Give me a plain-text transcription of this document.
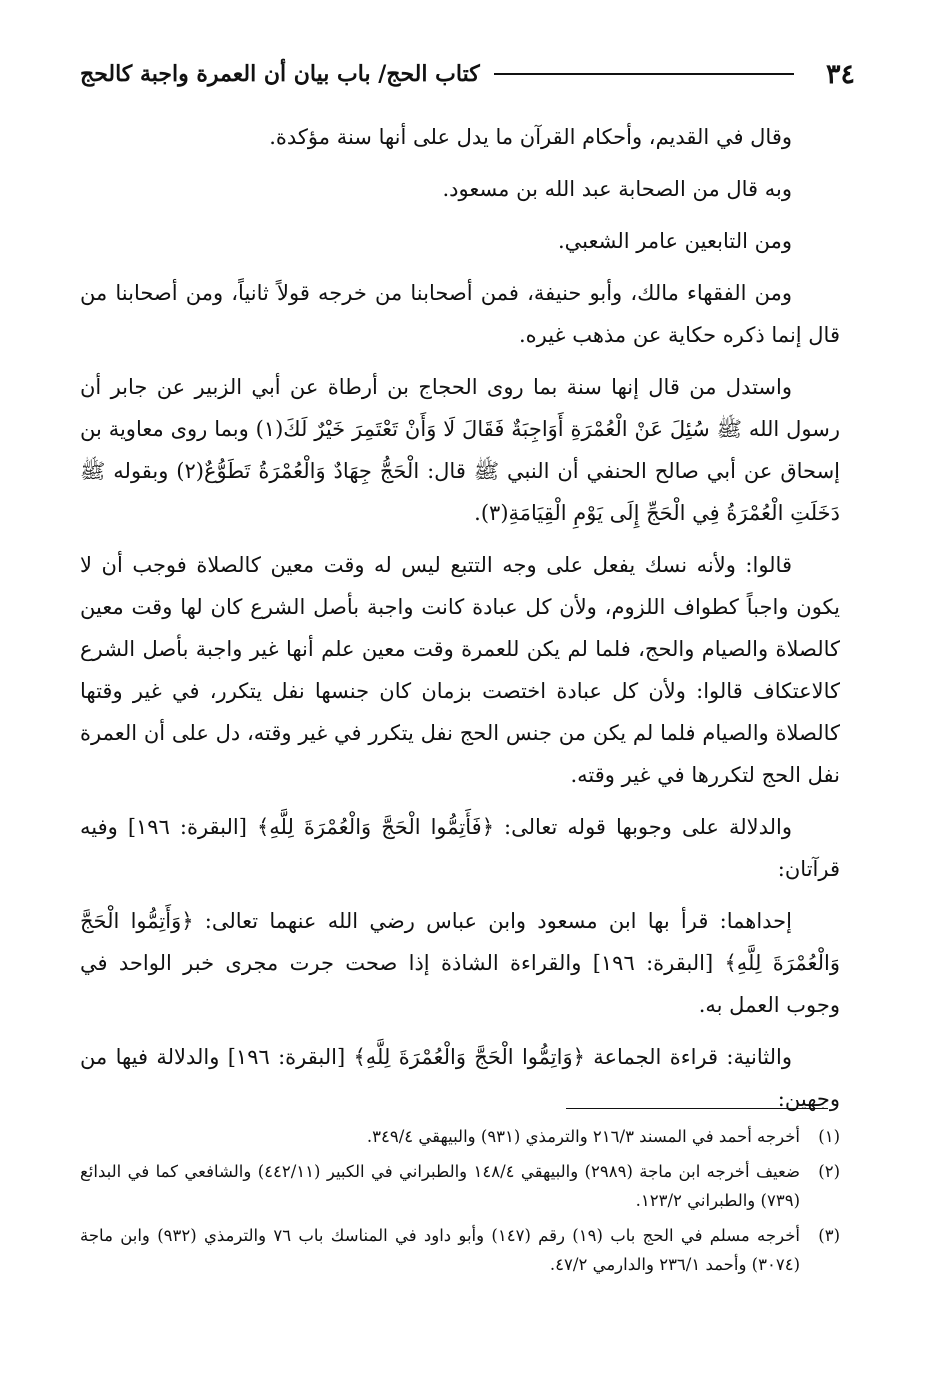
٣٤
كتاب الحج/ باب بيان أن العمرة واجبة كالحج

وقال في القديم، وأحكام القرآن ما يدل على أنها سنة مؤكدة.

وبه قال من الصحابة عبد الله بن مسعود.

ومن التابعين عامر الشعبي.

ومن الفقهاء مالك، وأبو حنيفة، فمن أصحابنا من خرجه قولاً ثانياً، ومن أصحابنا من قال إنما ذكره حكاية عن مذهب غيره.

واستدل من قال إنها سنة بما روى الحجاج بن أرطاة عن أبي الزبير عن جابر أن رسول الله ﷺ سُئِلَ عَنْ الْعُمْرَةِ أَوَاجِبَةٌ فَقَالَ لَا وَأَنْ تَعْتَمِرَ خَيْرٌ لَكَ(١) وبما روى معاوية بن إسحاق عن أبي صالح الحنفي أن النبي ﷺ قال: الْحَجُّ جِهَادٌ وَالْعُمْرَةُ تَطَوُّعٌ(٢) وبقوله ﷺ دَخَلَتِ الْعُمْرَةُ فِي الْحَجِّ إِلَى يَوْمِ الْقِيَامَةِ(٣).

قالوا: ولأنه نسك يفعل على وجه التتبع ليس له وقت معين كالصلاة فوجب أن لا يكون واجباً كطواف اللزوم، ولأن كل عبادة كانت واجبة بأصل الشرع كان لها وقت معين كالصلاة والصيام والحج، فلما لم يكن للعمرة وقت معين علم أنها غير واجبة بأصل الشرع كالاعتكاف قالوا: ولأن كل عبادة اختصت بزمان كان جنسها نفل يتكرر، في غير وقتها كالصلاة والصيام فلما لم يكن من جنس الحج نفل يتكرر في غير وقته، دل على أن العمرة نفل الحج لتكررها في غير وقته.

والدلالة على وجوبها قوله تعالى: ﴿فَأَتِمُّوا الْحَجَّ وَالْعُمْرَةَ لِلَّهِ﴾ [البقرة: ١٩٦] وفيه قرآتان:

إحداهما: قرأ بها ابن مسعود وابن عباس رضي الله عنهما تعالى: ﴿وَأَتِمُّوا الْحَجَّ وَالْعُمْرَةَ لِلَّهِ﴾ [البقرة: ١٩٦] والقراءة الشاذة إذا صحت جرت مجرى خبر الواحد في وجوب العمل به.

والثانية: قراءة الجماعة ﴿وَاتِمُّوا الْحَجَّ وَالْعُمْرَةَ لِلَّهِ﴾ [البقرة: ١٩٦] والدلالة فيها من وجهين:

(١)
أخرجه أحمد في المسند ٢١٦/٣ والترمذي (٩٣١) والبيهقي ٣٤٩/٤.
(٢)
ضعيف أخرجه ابن ماجة (٢٩٨٩) والبيهقي ١٤٨/٤ والطبراني في الكبير (٤٤٢/١١) والشافعي كما في البدائع (٧٣٩) والطبراني ١٢٣/٢.
(٣)
أخرجه مسلم في الحج باب (١٩) رقم (١٤٧) وأبو داود في المناسك باب ٧٦ والترمذي (٩٣٢) وابن ماجة (٣٠٧٤) وأحمد ٢٣٦/١ والدارمي ٤٧/٢.
